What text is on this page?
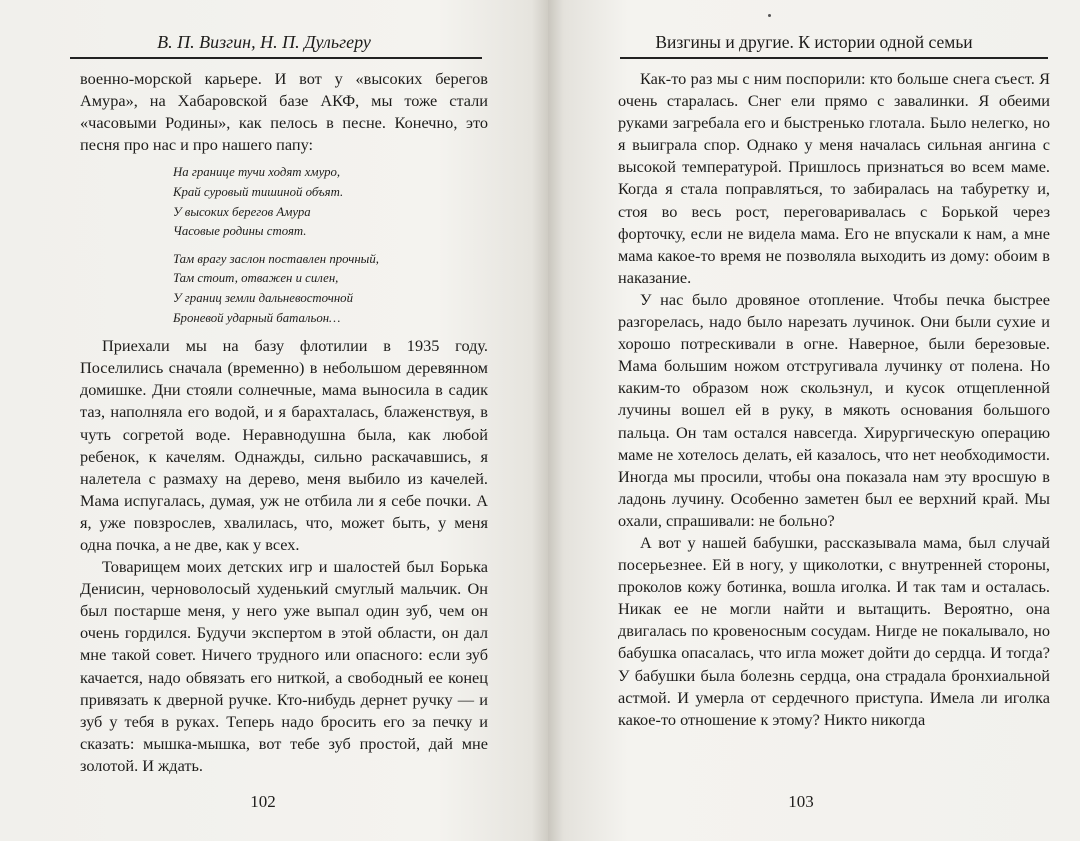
В. П. Визгин, Н. П. Дульгеру

военно-морской карьере. И вот у «высоких берегов Амура», на Хабаровской базе АКФ, мы тоже стали «часовыми Родины», как пелось в песне. Конечно, это песня про нас и про нашего папу:

На границе тучи ходят хмуро,
Край суровый тишиной объят.
У высоких берегов Амура
Часовые родины стоят.
Там врагу заслон поставлен прочный,
Там стоит, отважен и силен,
У границ земли дальневосточной
Броневой ударный батальон…

Приехали мы на базу флотилии в 1935 году. Поселились сначала (временно) в небольшом деревянном домишке. Дни стояли солнечные, мама выносила в садик таз, наполняла его водой, и я барахталась, блаженствуя, в чуть согретой воде. Неравнодушна была, как любой ребенок, к качелям. Однажды, сильно раскачавшись, я налетела с размаху на дерево, меня выбило из качелей. Мама испугалась, думая, уж не отбила ли я себе почки. А я, уже повзрослев, хвалилась, что, может быть, у меня одна почка, а не две, как у всех.

Товарищем моих детских игр и шалостей был Борька Денисин, черноволосый худенький смуглый мальчик. Он был постарше меня, у него уже выпал один зуб, чем он очень гордился. Будучи экспертом в этой области, он дал мне такой совет. Ничего трудного или опасного: если зуб качается, надо обвязать его ниткой, а свободный ее конец привязать к дверной ручке. Кто-нибудь дернет ручку — и зуб у тебя в руках. Теперь надо бросить его за печку и сказать: мышка-мышка, вот тебе зуб простой, дай мне золотой. И ждать.

102
Визгины и другие. К истории одной семьи

Как-то раз мы с ним поспорили: кто больше снега съест. Я очень старалась. Снег ели прямо с завалинки. Я обеими руками загребала его и быстренько глотала. Было нелегко, но я выиграла спор. Однако у меня началась сильная ангина с высокой температурой. Пришлось признаться во всем маме. Когда я стала поправляться, то забиралась на табуретку и, стоя во весь рост, переговаривалась с Борькой через форточку, если не видела мама. Его не впускали к нам, а мне мама какое-то время не позволяла выходить из дому: обоим в наказание.

У нас было дровяное отопление. Чтобы печка быстрее разгорелась, надо было нарезать лучинок. Они были сухие и хорошо потрескивали в огне. Наверное, были березовые. Мама большим ножом отстругивала лучинку от полена. Но каким-то образом нож скользнул, и кусок отщепленной лучины вошел ей в руку, в мякоть основания большого пальца. Он там остался навсегда. Хирургическую операцию маме не хотелось делать, ей казалось, что нет необходимости. Иногда мы просили, чтобы она показала нам эту вросшую в ладонь лучину. Особенно заметен был ее верхний край. Мы охали, спрашивали: не больно?

А вот у нашей бабушки, рассказывала мама, был случай посерьезнее. Ей в ногу, у щиколотки, с внутренней стороны, проколов кожу ботинка, вошла иголка. И так там и осталась. Никак ее не могли найти и вытащить. Вероятно, она двигалась по кровеносным сосудам. Нигде не покалывало, но бабушка опасалась, что игла может дойти до сердца. И тогда? У бабушки была болезнь сердца, она страдала бронхиальной астмой. И умерла от сердечного приступа. Имела ли иголка какое-то отношение к этому? Никто никогда

103
